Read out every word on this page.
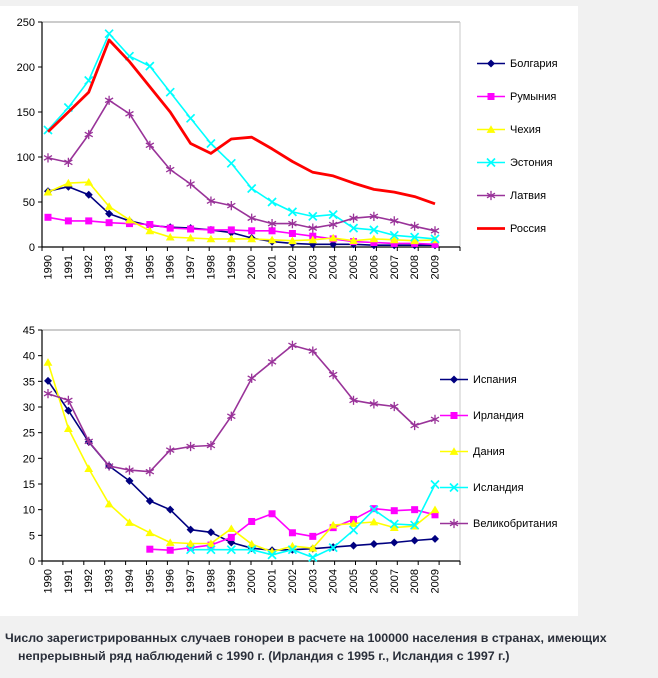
0
50
100
150
200
250
1990 1991 1992 1993 1994 1995 1996 1997 1998 1999 2000 2001 2002 2003 2004 2005 2006 2007 2008 2009
0
5
10
15
20
25
30
35
40
45
1990 1991 1992 1993 1994 1995 1996 1997 1998 1999 2000 2001 2002 2003 2004 2005 2006 2007 2008 2009
Болгария
Румыния
Чехия
Эстония
Латвия
Россия
Испания
Ирландия
Дания
Исландия
Великобритания
Число зарегистрированных случаев гонореи в расчете на 100000 населения в странах, имеющих непрерывный ряд наблюдений с 1990 г. (Ирландия с 1995 г., Исландия с 1997 г.)
